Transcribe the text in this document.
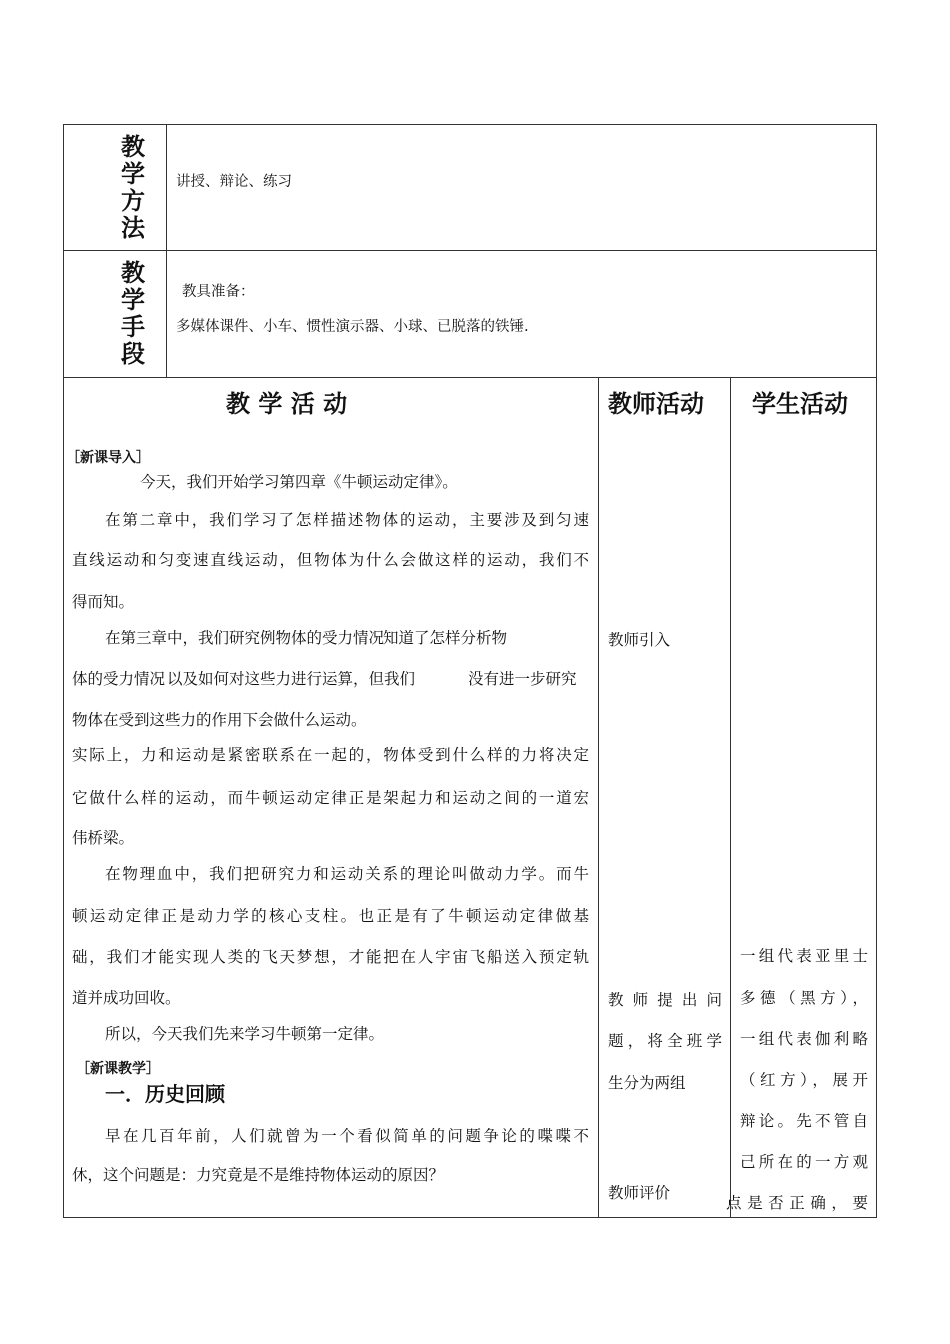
教
学
方
法
讲授、辩论、练习
教
学
手
段
教具准备：
多媒体课件、小车、惯性演示器、小球、已脱落的铁锤.
教 学 活 动	教师活动 学生活动
［新课导入］
今天，我们开始学习第四章《牛顿运动定律》。
在第二章中，我们学习了怎样描述物体的运动，主要涉及到匀速
直线运动和匀变速直线运动，但物体为什么会做这样的运动，我们不
得而知。
在第三章中，我们研究例物体的受力情况
知道了怎样分析物
体的受力情况 以及如何对这些力进行运算，但我们	没有进一步研究
物体在受到这些力的作用下会做什么运动。
实际上，力和运动是紧密联系在一起的，物体受到什么样的力将决定
它做什么样的运动，而牛顿运动定律正是架起力和运动之间的一道宏
伟桥梁。
在物理血中，我们把研究力和运动关系的理论叫做动力学。而牛
顿运动定律正是动力学的核心支柱。也正是有了牛顿运动定律做基
础，我们才能实现人类的飞天梦想，才能把在人宇宙飞船送入预定轨
道并成功回收。
所以，今天我们先来学习牛顿第一定律。
［新课教学］
一．历史回顾
早在几百年前，人们就曾为一个看似简单的问题争论的喋喋不
休，这个问题是：力究竟是不是维持物体运动的原因？
教师引入
教 师 提 出 问
题，将全班学
生分为两组
教师评价
一组代表亚里士
多德（黑方），
一组代表伽利略
（红方），展开
辩论。先不管自
己所在的一方观
点是否正确，要
